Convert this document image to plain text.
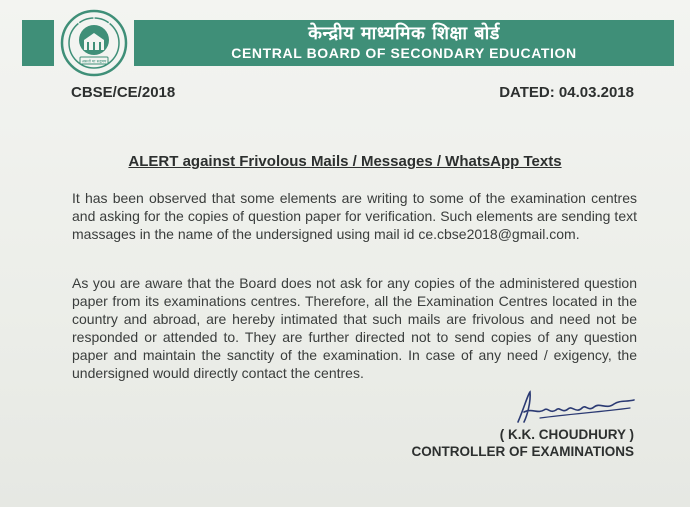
असतो मा सद्गमय
केन्द्रीय माध्यमिक शिक्षा बोर्ड
CENTRAL BOARD OF SECONDARY EDUCATION
CBSE/CE/2018	DATED: 04.03.2018
ALERT against Frivolous Mails / Messages / WhatsApp Texts
It has been observed that some elements are writing to some of the examination centres and asking for the copies of question paper for verification. Such elements are sending text massages in the name of the undersigned using mail id ce.cbse2018@gmail.com.
As you are aware that the Board does not ask for any copies of the administered question paper from its examinations centres. Therefore, all the Examination Centres located in the country and abroad, are hereby intimated that such mails are frivolous and need not be responded or attended to. They are further directed not to send copies of any question paper and maintain the sanctity of the examination. In case of any need / exigency, the undersigned would directly contact the centres.
( K.K. CHOUDHURY )
CONTROLLER OF EXAMINATIONS
